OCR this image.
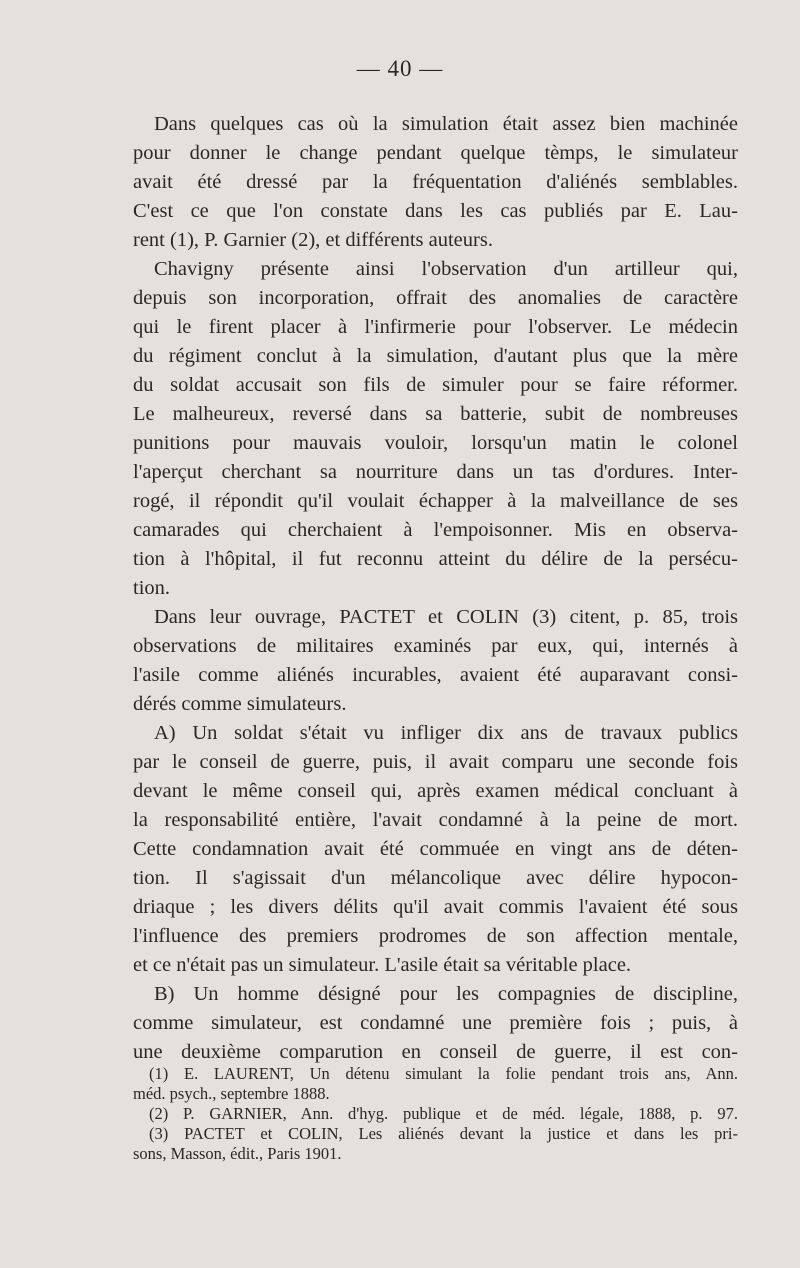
— 40 —
Dans quelques cas où la simulation était assez bien machinée
pour donner le change pendant quelque tèmps, le simulateur
avait été dressé par la fréquentation d'aliénés semblables.
C'est ce que l'on constate dans les cas publiés par E. Lau-
rent (1), P. Garnier (2), et différents auteurs.
Chavigny présente ainsi l'observation d'un artilleur qui,
depuis son incorporation, offrait des anomalies de caractère
qui le firent placer à l'infirmerie pour l'observer. Le médecin
du régiment conclut à la simulation, d'autant plus que la mère
du soldat accusait son fils de simuler pour se faire réformer.
Le malheureux, reversé dans sa batterie, subit de nombreuses
punitions pour mauvais vouloir, lorsqu'un matin le colonel
l'aperçut cherchant sa nourriture dans un tas d'ordures. Inter-
rogé, il répondit qu'il voulait échapper à la malveillance de ses
camarades qui cherchaient à l'empoisonner. Mis en observa-
tion à l'hôpital, il fut reconnu atteint du délire de la persécu-
tion.
Dans leur ouvrage, PACTET et COLIN (3) citent, p. 85, trois
observations de militaires examinés par eux, qui, internés à
l'asile comme aliénés incurables, avaient été auparavant consi-
dérés comme simulateurs.
A) Un soldat s'était vu infliger dix ans de travaux publics
par le conseil de guerre, puis, il avait comparu une seconde fois
devant le même conseil qui, après examen médical concluant à
la responsabilité entière, l'avait condamné à la peine de mort.
Cette condamnation avait été commuée en vingt ans de déten-
tion. Il s'agissait d'un mélancolique avec délire hypocon-
driaque ; les divers délits qu'il avait commis l'avaient été sous
l'influence des premiers prodromes de son affection mentale,
et ce n'était pas un simulateur. L'asile était sa véritable place.
B) Un homme désigné pour les compagnies de discipline,
comme simulateur, est condamné une première fois ; puis, à
une deuxième comparution en conseil de guerre, il est con-
(1) E. LAURENT, Un détenu simulant la folie pendant trois ans, Ann.
méd. psych., septembre 1888.
(2) P. GARNIER, Ann. d'hyg. publique et de méd. légale, 1888, p. 97.
(3) PACTET et COLIN, Les aliénés devant la justice et dans les pri-
sons, Masson, édit., Paris 1901.
